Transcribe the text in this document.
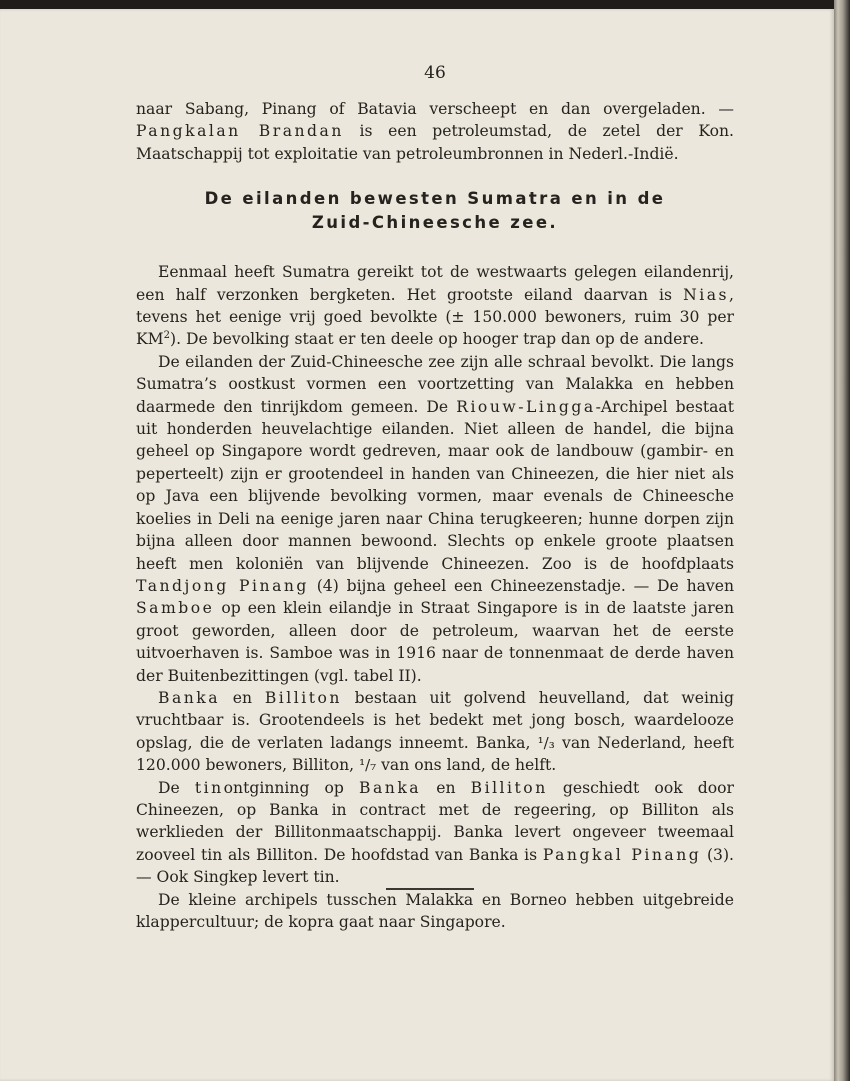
46

naar Sabang, Pinang of Batavia verscheept en dan overgeladen. — Pangkalan Brandan is een petroleumstad, de zetel der Kon. Maatschappij tot exploitatie van petroleumbronnen in Nederl.-Indië.

De eilanden bewesten Sumatra en in de
Zuid-Chineesche zee.

Eenmaal heeft Sumatra gereikt tot de westwaarts gelegen eilandenrij, een half verzonken bergketen. Het grootste eiland daarvan is Nias, tevens het eenige vrij goed bevolkte (± 150.000 bewoners, ruim 30 per $KM^2$). De bevolking staat er ten deele op hooger trap dan op de andere.

De eilanden der Zuid-Chineesche zee zijn alle schraal bevolkt. Die langs Sumatra’s oostkust vormen een voortzetting van Malakka en hebben daarmede den tinrijkdom gemeen. De Riouw-Lingga-Archipel bestaat uit honderden heuvelachtige eilanden. Niet alleen de handel, die bijna geheel op Singapore wordt gedreven, maar ook de landbouw (gambir- en peperteelt) zijn er grootendeel in handen van Chineezen, die hier niet als op Java een blijvende bevolking vormen, maar evenals de Chineesche koelies in Deli na eenige jaren naar China terugkeeren; hunne dorpen zijn bijna alleen door mannen bewoond. Slechts op enkele groote plaatsen heeft men koloniën van blijvende Chineezen. Zoo is de hoofdplaats Tandjong Pinang (4) bijna geheel een Chineezenstadje. — De haven Samboe op een klein eilandje in Straat Singapore is in de laatste jaren groot geworden, alleen door de petroleum, waarvan het de eerste uitvoerhaven is. Samboe was in 1916 naar de tonnenmaat de derde haven der Buitenbezittingen (vgl. tabel II).

Banka en Billiton bestaan uit golvend heuvelland, dat weinig vruchtbaar is. Grootendeels is het bedekt met jong bosch, waardelooze opslag, die de verlaten ladangs inneemt. Banka, ¹/₃ van Nederland, heeft 120.000 bewoners, Billiton, ¹/₇ van ons land, de helft.

De tinontginning op Banka en Billiton geschiedt ook door Chineezen, op Banka in contract met de regeering, op Billiton als werklieden der Billitonmaatschappij. Banka levert ongeveer tweemaal zooveel tin als Billiton. De hoofdstad van Banka is Pangkal Pinang (3). — Ook Singkep levert tin.

De kleine archipels tusschen Malakka en Borneo hebben uitgebreide klappercultuur; de kopra gaat naar Singapore.
